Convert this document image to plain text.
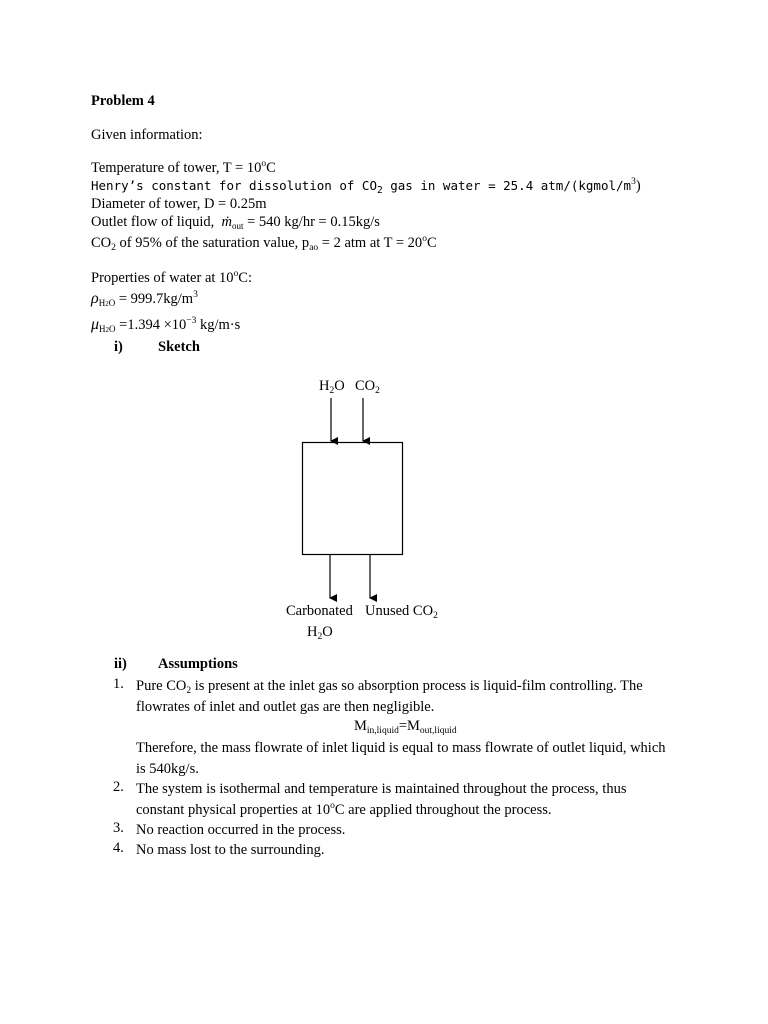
Problem 4
Given information:
Temperature of tower, $T = 10^oC$
Henry’s constant for dissolution of $CO_2$ gas in water = 25.4 atm/$(kgmol/m^3)$
Diameter of tower, D = 0.25m
Outlet flow of liquid, ṁ$_{out}$ = 540 kg/hr = 0.15kg/s
$CO_2$ of 95% of the saturation value, $p_{ao} = 2$ atm at $T = 20^oC$
Properties of water at 10$^o$C:
$\rho_{H2O} = 999.7kg/m^3$
$\mu_{H2O} =1.394 \times 10^{-3}$ kg/m·s
i) Sketch
$H_2O$ $CO_2$
Carbonated Unused $CO_2$
$H_2O$
ii) Assumptions
1. Pure $CO_2$ is present at the inlet gas so absorption process is liquid-film controlling. The flowrates of inlet and outlet gas are then negligible.
$M_{in,liquid}=M_{out,liquid}$
Therefore, the mass flowrate of inlet liquid is equal to mass flowrate of outlet liquid, which is 540kg/s.
2. The system is isothermal and temperature is maintained throughout the process, thus constant physical properties at 10$^o$C are applied throughout the process.
3. No reaction occurred in the process.
4. No mass lost to the surrounding.
